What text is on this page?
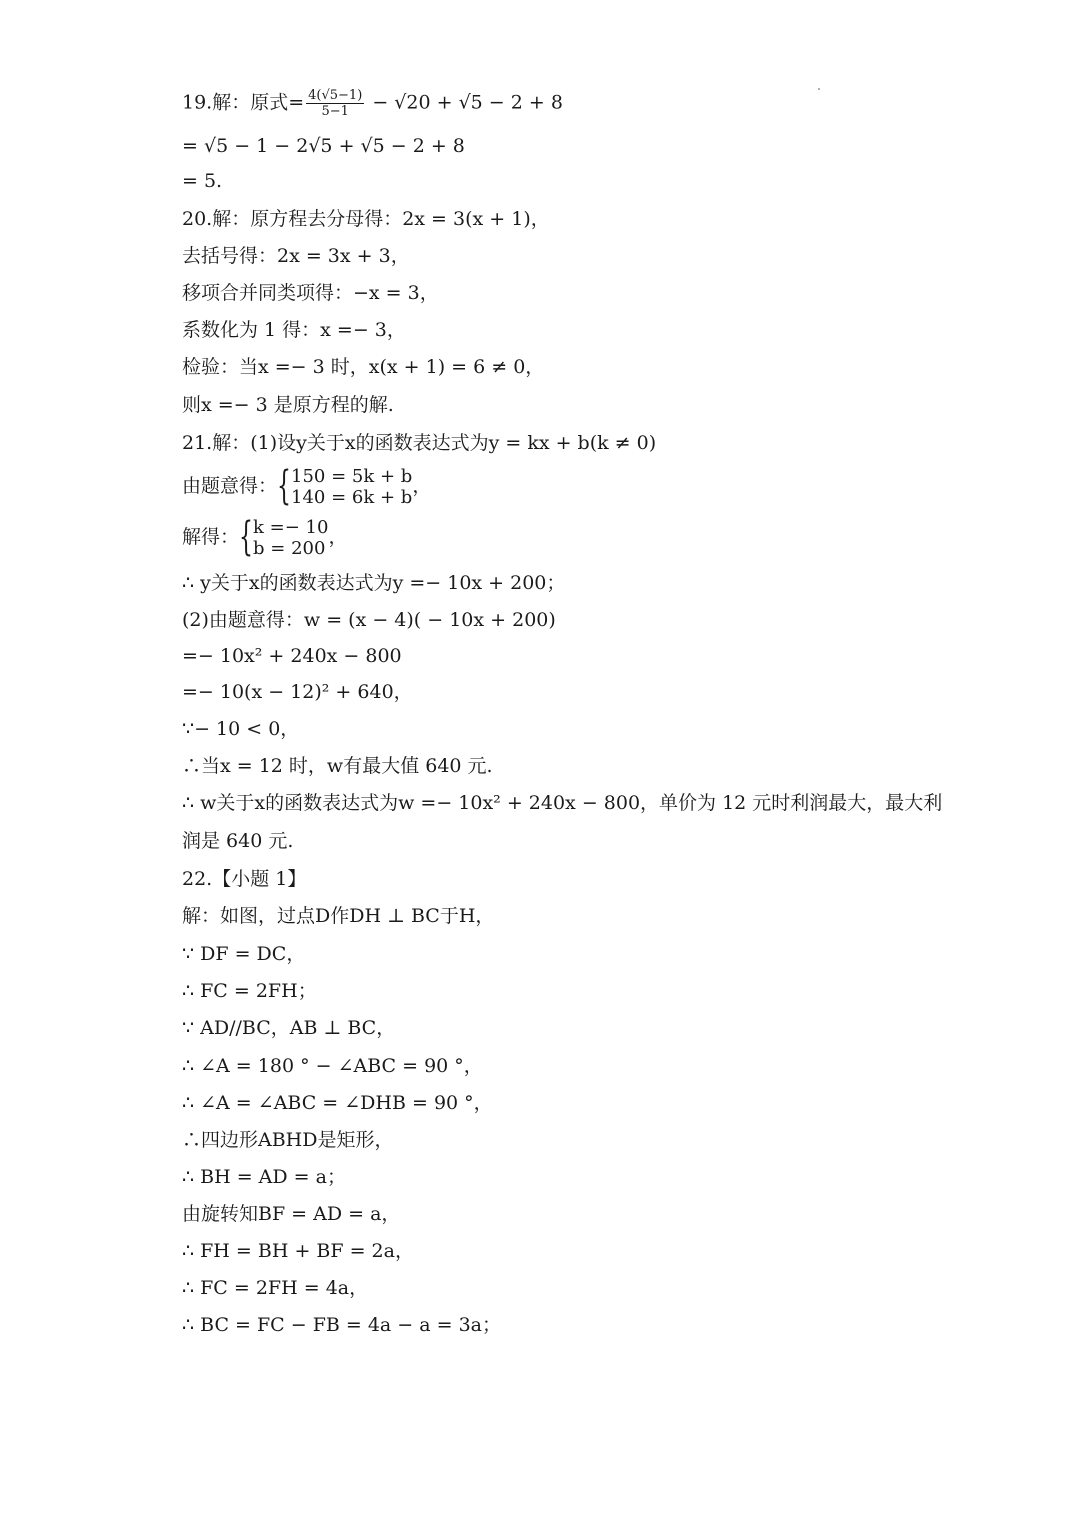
19.解：原式= $\frac{4(√5-1)}{5-1} - √20 + √5 - 2 + 8$
= √5 − 1 − 2√5 + √5 − 2 + 8
= 5.
20.解：原方程去分母得：2x = 3(x + 1)，
去括号得：2x = 3x + 3，
移项合并同类项得：−x = 3，
系数化为 1 得：x =− 3，
检验：当x =− 3 时，x(x + 1) = 6 ≠ 0，
则x =− 3 是原方程的解.
21.解：(1)设y关于x的函数表达式为y = kx + b(k ≠ 0)
由题意得： { 150 = 5k + b
140 = 6k + b
，
解得： { k =− 10
b = 200
，
∴ y关于x的函数表达式为y =− 10x + 200；
(2)由题意得：w = (x − 4)( − 10x + 200)
=− 10x² + 240x − 800
=− 10(x − 12)² + 640，
∵− 10 < 0，
∴当x = 12 时，w有最大值 640 元.
∴ w关于x的函数表达式为w =− 10x² + 240x − 800，单价为 12 元时利润最大，最大利
润是 640 元.
22.【小题 1】
解：如图，过点D作DH ⊥ BC于H，
∵ DF = DC，
∴ FC = 2FH；
∵ AD//BC，AB ⊥ BC，
∴ ∠A = 180 ° − ∠ABC = 90 °，
∴ ∠A = ∠ABC = ∠DHB = 90 °，
∴四边形ABHD是矩形，
∴ BH = AD = a；
由旋转知BF = AD = a，
∴ FH = BH + BF = 2a，
∴ FC = 2FH = 4a，
∴ BC = FC − FB = 4a − a = 3a；
